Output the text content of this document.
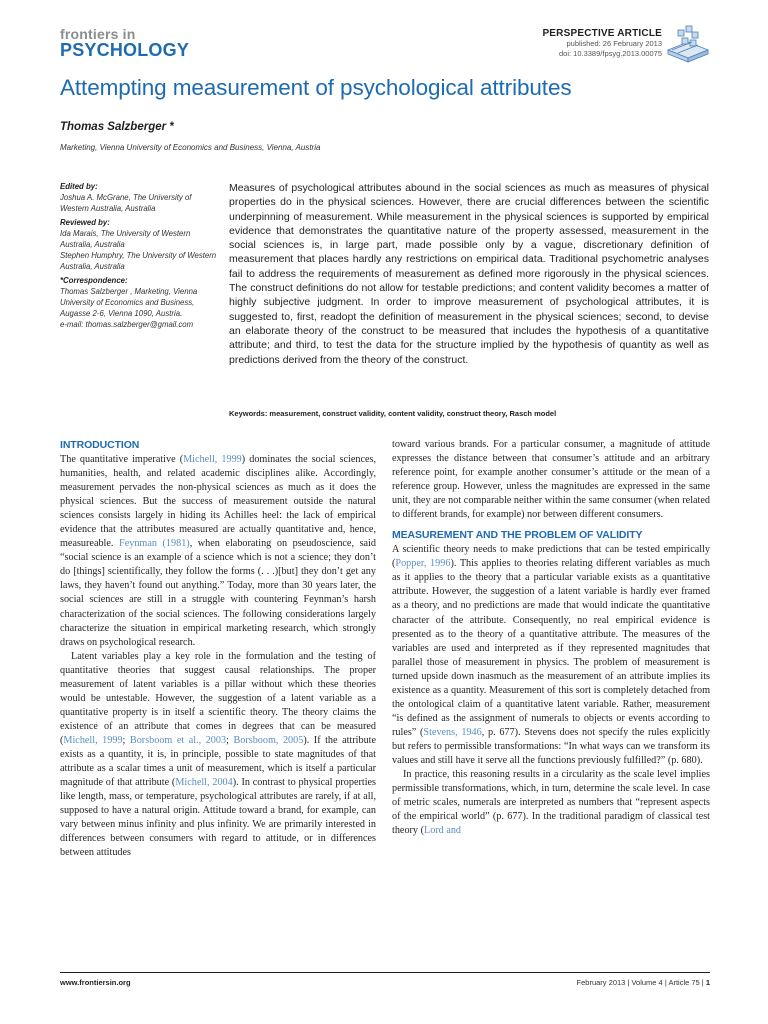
frontiers in
PSYCHOLOGY
PERSPECTIVE ARTICLE
published: 26 February 2013
doi: 10.3389/fpsyg.2013.00075
Attempting measurement of psychological attributes
Thomas Salzberger *
Marketing, Vienna University of Economics and Business, Vienna, Austria
Edited by:
Joshua A. McGrane, The University of Western Australia, Australia
Reviewed by:
Ida Marais, The University of Western Australia, Australia
Stephen Humphry, The University of Western Australia, Australia
*Correspondence:
Thomas Salzberger , Marketing, Vienna University of Economics and Business, Augasse 2-6, Vienna 1090, Austria.
e-mail: thomas.salzberger@gmail.com
Measures of psychological attributes abound in the social sciences as much as measures of physical properties do in the physical sciences. However, there are crucial differences between the scientific underpinning of measurement. While measurement in the physical sciences is supported by empirical evidence that demonstrates the quantitative nature of the property assessed, measurement in the social sciences is, in large part, made possible only by a vague, discretionary definition of measurement that places hardly any restrictions on empirical data. Traditional psychometric analyses fail to address the requirements of measurement as defined more rigorously in the physical sciences. The construct definitions do not allow for testable predictions; and content validity becomes a matter of highly subjective judgment. In order to improve measurement of psychological attributes, it is suggested to, first, readopt the definition of measurement in the physical sciences; second, to devise an elaborate theory of the construct to be measured that includes the hypothesis of a quantitative attribute; and third, to test the data for the structure implied by the hypothesis of quantity as well as predictions derived from the theory of the construct.
Keywords: measurement, construct validity, content validity, construct theory, Rasch model
INTRODUCTION

The quantitative imperative (Michell, 1999) dominates the social sciences, humanities, health, and related academic disciplines alike. Accordingly, measurement pervades the non-physical sciences as much as it does the physical sciences. But the success of measurement outside the natural sciences consists largely in hiding its Achilles heel: the lack of empirical evidence that the attributes measured are actually quantitative and, hence, measureable. Feynman (1981), when elaborating on pseudoscience, said “social science is an example of a science which is not a science; they don’t do [things] scientifically, they follow the forms (. . .)[but] they don’t get any laws, they haven’t found out anything.” Today, more than 30 years later, the social sciences are still in a struggle with countering Feynman’s harsh characterization of the social sciences. The following considerations largely characterize the situation in empirical marketing research, which strongly draws on psychological research.

Latent variables play a key role in the formulation and the testing of quantitative theories that suggest causal relationships. The proper measurement of latent variables is a pillar without which these theories would be untestable. However, the suggestion of a latent variable as a quantitative property is in itself a scientific theory. The theory claims the existence of an attribute that comes in degrees that can be measured (Michell, 1999; Borsboom et al., 2003; Borsboom, 2005). If the attribute exists as a quantity, it is, in principle, possible to state magnitudes of that attribute as a scalar times a unit of measurement, which is itself a particular magnitude of that attribute (Michell, 2004). In contrast to physical properties like length, mass, or temperature, psychological attributes are rarely, if at all, supposed to have a natural origin. Attitude toward a brand, for example, can vary between minus infinity and plus infinity. We are primarily interested in differences between consumers with regard to attitude, or in differences between attitudes

toward various brands. For a particular consumer, a magnitude of attitude expresses the distance between that consumer’s attitude and an arbitrary reference point, for example another consumer’s attitude or the mean of a reference group. However, unless the magnitudes are expressed in the same unit, they are not comparable neither within the same consumer (when related to different brands, for example) nor between different consumers.

MEASUREMENT AND THE PROBLEM OF VALIDITY

A scientific theory needs to make predictions that can be tested empirically (Popper, 1996). This applies to theories relating different variables as much as it applies to the theory that a particular variable exists as a quantitative attribute. However, the suggestion of a latent variable is hardly ever framed as a theory, and no predictions are made that would indicate the quantitative character of the attribute. Consequently, no real empirical evidence is presented as to the theory of a quantitative attribute. The measures of the variables are used and interpreted as if they represented magnitudes that parallel those of measurement in physics. The problem of measurement is turned upside down inasmuch as the measurement of an attribute implies its existence as a quantity. Measurement of this sort is completely detached from the ontological claim of a quantitative latent variable. Rather, measurement “is defined as the assignment of numerals to objects or events according to rules” (Stevens, 1946, p. 677). Stevens does not specify the rules explicitly but refers to permissible transformations: “In what ways can we transform its values and still have it serve all the functions previously fulfilled?” (p. 680).

In practice, this reasoning results in a circularity as the scale level implies permissible transformations, which, in turn, determine the scale level. In case of metric scales, numerals are interpreted as numbers that “represent aspects of the empirical world” (p. 677). In the traditional paradigm of classical test theory (Lord and

www.frontiersin.org	February 2013 | Volume 4 | Article 75 | 1
